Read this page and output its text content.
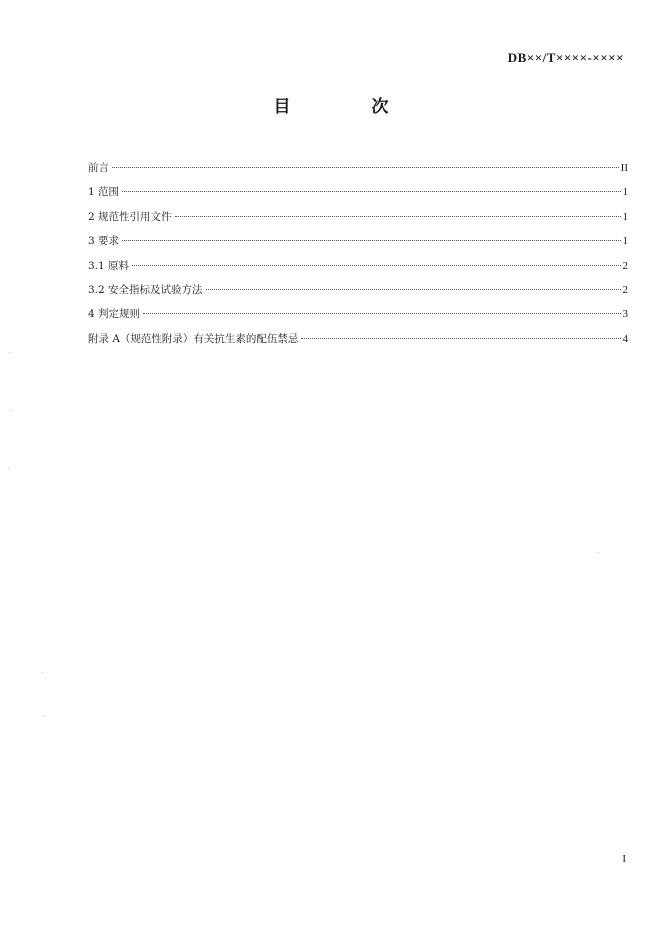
DB××/T××××-××××
目　次
前言	II
1 范围	1
2 规范性引用文件	1
3 要求	1
3.1 原料	2
3.2 安全指标及试验方法	2
4 判定规则	3
附录 A（规范性附录）有关抗生素的配伍禁忌	4
I
